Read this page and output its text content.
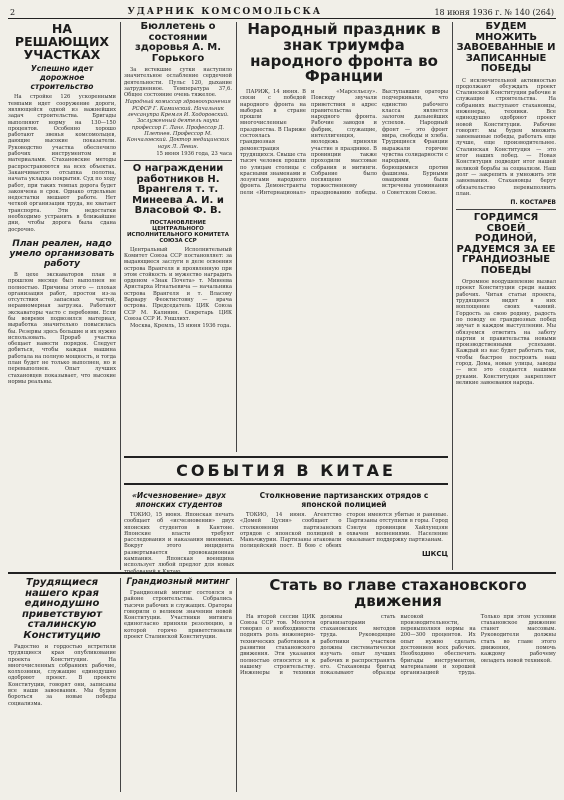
2	УДАРНИК КОМСОМОЛЬСКА	18 июня 1936 г. № 140 (264)
НА РЕШАЮЩИХ УЧАСТКАХ
Успешно идет дорожное строительство

На стройке 126 ускоренными темпами идет сооружение дороги, являющейся одной из важнейших задач строительства. Бригады выполняют норму на 130—150 процентов. Особенно хорошо работают звенья комсомольцев, дающие высокие показатели. Руководство участка обеспечило рабочих инструментом и материалами. Стахановские методы распространяются на всех объектах. Заканчивается отсыпка полотна, начата укладка покрытия. Суд по ходу работ, при таких темпах дорога будет закончена в срок. Однако отдельные недостатки мешают работе. Нет четкой организации труда, не хватает транспорта. Эти недостатки необходимо устранить в ближайшие дни, чтобы дорога была сдана досрочно.

План реален, надо умело организовать работу

В цехе экскаваторов план в прошлом месяце был выполнен не полностью. Причины этого — плохая организация работ, простои из-за отсутствия запасных частей, неравномерная загрузка. Работают экскаваторы часто с перебоями. Если бы вовремя подвозился материал, выработка значительно повысилась бы. Резервы здесь большие и их нужно использовать. Прораб участка обещает навести порядок. Следует добиться, чтобы каждая машина работала на полную мощность, и тогда план будет не только выполнен, но и перевыполнен. Опыт лучших стахановцев показывает, что высокие нормы реальны.

Бюллетень о состоянии здоровья А. М. Горького

За истекшие сутки наступило значительное ослабление сердечной деятельности. Пульс 120, дыхание затрудненное. Температура 37,6. Общее состояние очень тяжелое.

Народный комиссар здравоохранения РСФСР Г. Каминский. Начальник лечсанупра Кремля И. Ходоровский. Заслуженный деятель науки профессор Г. Ланг. Профессор Д. Плетнев. Профессор М. Кончаловский. Доктор медицинских наук Л. Левин.

15 июня 1936 года, 23 часа

О награждении работников Н. Врангеля т. т. Минеева А. И. и Власовой Ф. В.
ПОСТАНОВЛЕНИЕ ЦЕНТРАЛЬНОГО ИСПОЛНИТЕЛЬНОГО КОМИТЕТА СОЮЗА ССР

Центральный Исполнительный Комитет Союза ССР постановляет: за выдающиеся заслуги в деле освоения острова Врангеля и проявленную при этом стойкость и мужество наградить орденом «Знак Почета» т. Минеева Аристарха Игнатьевича — начальника острова Врангеля и т. Власову Варвару Феоктистовну — врача острова. Председатель ЦИК Союза ССР М. Калинин. Секретарь ЦИК Союза ССР И. Уншлихт.

Москва, Кремль, 15 июня 1936 года.

Народный праздник в знак триумфа народного фронта во Франции

ПАРИЖ, 14 июня. В связи с победой народного фронта на выборах в стране прошли многочисленные празднества. В Париже состоялась грандиозная демонстрация трудящихся. Свыше ста тысяч человек прошли по улицам столицы с красными знаменами и лозунгами народного фронта. Демонстранты пели «Интернационал» и «Марсельезу». Повсюду звучали приветствия в адрес правительства народного фронта. Рабочие заводов и фабрик, служащие, интеллигенция, молодежь приняли участие в празднике. В провинции также проходили массовые собрания и митинги. Собрание было посвящено торжественному празднованию победы. Выступавшие ораторы подчеркивали, что единство рабочего класса является залогом дальнейших успехов. Народный фронт — это фронт мира, свободы и хлеба. Трудящиеся Франции выражали горячие чувства солидарности с народами, борющимися против фашизма. Бурными овациями были встречены упоминания о Советском Союзе.

БУДЕМ МНОЖИТЬ ЗАВОЕВАННЫЕ И ЗАПИСАННЫЕ ПОБЕДЫ

С исключительной активностью продолжают обсуждать проект Сталинской Конституции рабочие и служащие строительства. На собраниях выступают стахановцы, инженеры, техники. Все единодушно одобряют проект новой Конституции. Рабочие говорят: мы будем множить завоеванные победы, работать еще лучше, еще производительнее. Сталинская Конституция — это итог наших побед. — Новая Конституция подводит итог нашей великой борьбы за социализм. Наш долг — закрепить и умножить эти завоевания. Стахановцы берут обязательство перевыполнить план.

П. КОСТАРЕВ
ГОРДИМСЯ СВОЕЙ РОДИНОЙ, РАДУЕМСЯ ЗА ЕЕ ГРАНДИОЗНЫЕ ПОБЕДЫ

Огромное воодушевление вызвал проект Конституции среди наших рабочих. Читая статьи проекта, трудящиеся видят в них воплощение своих чаяний. Гордость за свою родину, радость по поводу ее грандиозных побед звучат в каждом выступлении. Мы обязуемся ответить на заботу партии и правительства новыми производственными успехами. Каждый из нас будет работать так, чтобы быстрее построить наш город. Дома, новые улицы, заводы — все это создается нашими руками. Конституция закрепляет великие завоевания народа.

СОБЫТИЯ В КИТАЕ
«Исчезновение» двух японских студентов

ТОКИО, 15 июня. Японская печать сообщает об «исчезновении» двух японских студентов в Кантоне. Японские власти требуют расследования и наказания виновных. Вокруг этого инцидента развертывается провокационная кампания. Японская военщина использует любой предлог для новых

Столкновение партизанских отрядов с японской полицией

ТОКИО, 14 июня. Агентство «Домей Цусин» сообщает о столкновении партизанских отрядов с японской полицией в Маньчжурии. Партизаны атаковали полицейский пост. В бою с обеих сторон имеются убитые и раненые. Партизаны отступили в горы. Город Сэнлун провинции Хайлунцзян охвачен волнениями. Население оказывает поддержку партизанам.

ШКСЦ
Трудящиеся нашего края единодушно приветствуют сталинскую Конституцию

Радостно и гордостью встретили трудящиеся края опубликование проекта Конституции. На многочисленных собраниях рабочие, колхозники, служащие единодушно одобряют проект. В проекте Конституции, говорят они, записаны все наши завоевания. Мы будем бороться за новые победы социализма.

Грандиозный митинг

Грандиозный митинг состоялся в районе строительства. Собрались тысячи рабочих и служащих. Ораторы говорили о великом значении новой Конституции. Участники митинга единогласно приняли резолюцию, в которой горячо приветствовали проект Сталинской Конституции.

Стать во главе стахановского движения

На второй сессии ЦИК Союза ССР тов. Молотов говорил о необходимости поднять роль инженерно-технических работников в развитии стахановского движения. Эти указания полностью относятся и к нашему строительству. Инженеры и техники должны стать организаторами стахановских методов труда. Руководящие работники участков должны систематически изучать опыт лучших рабочих и распространять его. Стахановцы бригад показывают образцы высокой производительности, перевыполняя нормы на 200—300 процентов. Их опыт нужно сделать достоянием всех рабочих. Необходимо обеспечить бригады инструментом, материалами и хорошей организацией труда. Только при этом условии стахановское движение станет массовым. Руководители должны стать во главе этого движения, помочь каждому рабочему овладеть новой техникой.
